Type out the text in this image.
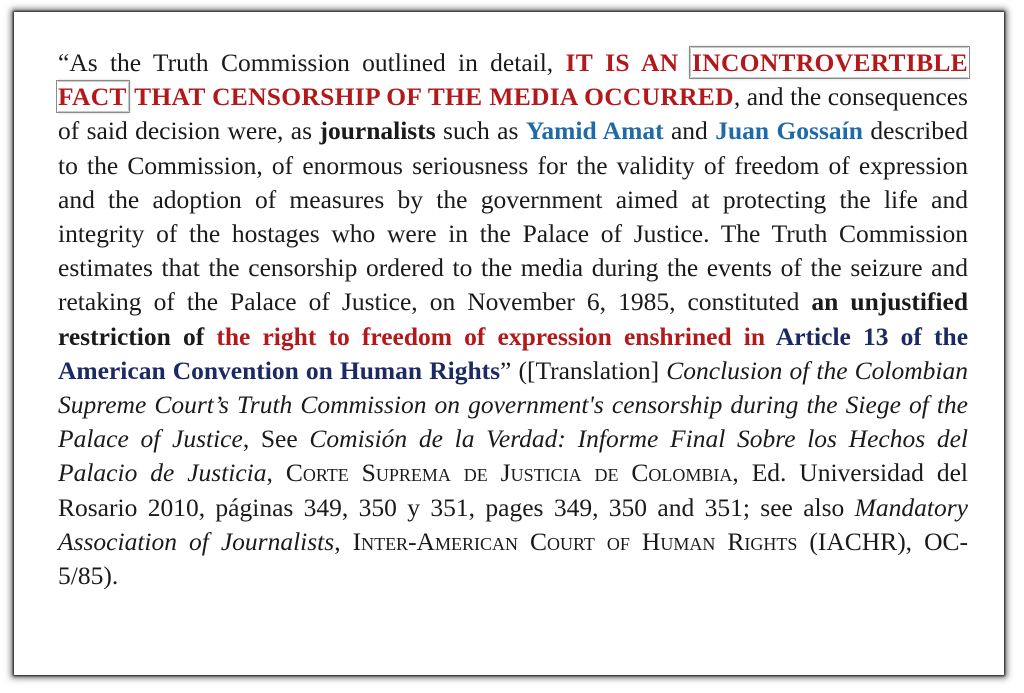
“As the Truth Commission outlined in detail, IT IS AN INCONTROVERTIBLE FACT THAT CENSORSHIP OF THE MEDIA OCCURRED, and the consequences of said decision were, as journalists such as Yamid Amat and Juan Gossaín described to the Commission, of enormous seriousness for the validity of freedom of expression and the adoption of measures by the government aimed at protecting the life and integrity of the hostages who were in the Palace of Justice. The Truth Commission estimates that the censorship ordered to the media during the events of the seizure and retaking of the Palace of Justice, on November 6, 1985, constituted an unjustified restriction of the right to freedom of expression enshrined in Article 13 of the American Convention on Human Rights” ([Translation] Conclusion of the Colombian Supreme Court’s Truth Commission on government's censorship during the Siege of the Palace of Justice, See Comisión de la Verdad: Informe Final Sobre los Hechos del Palacio de Justicia, Corte Suprema de Justicia de Colombia, Ed. Universidad del Rosario 2010, páginas 349, 350 y 351, pages 349, 350 and 351; see also Mandatory Association of Journalists, Inter-American Court of Human Rights (IACHR), OC-5/85).
